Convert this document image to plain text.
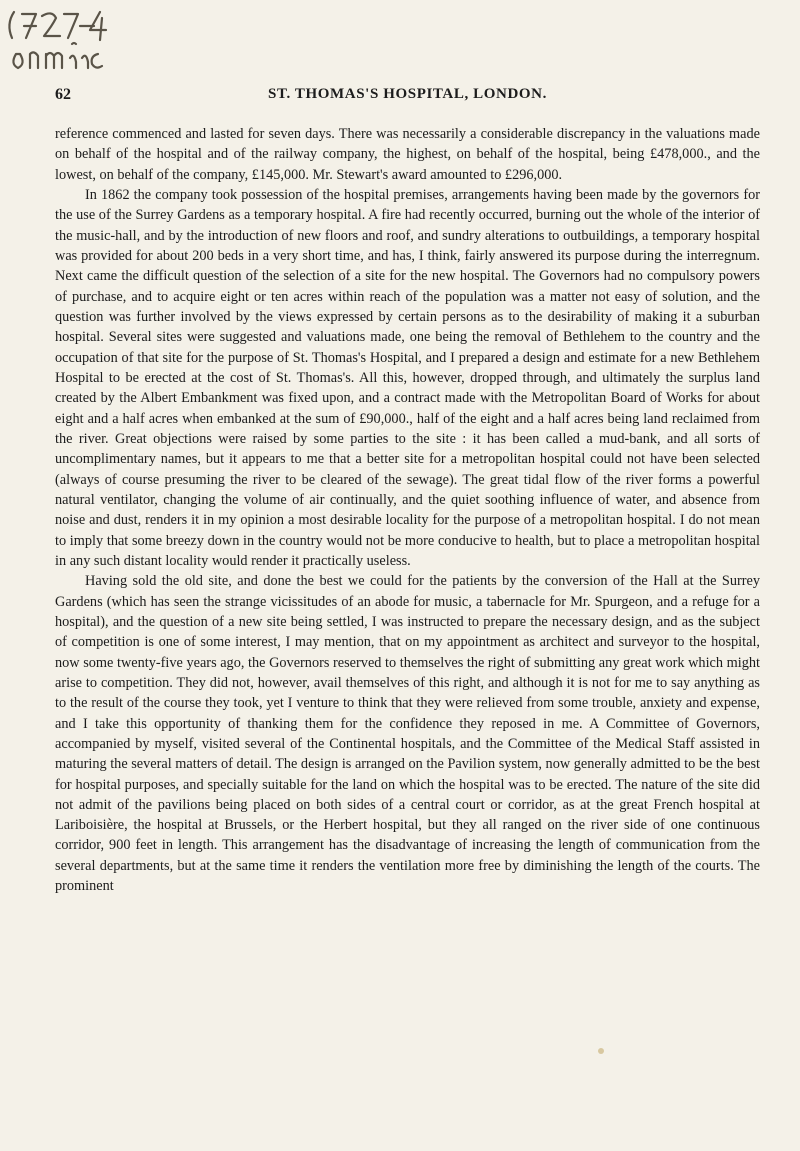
62	ST. THOMAS'S HOSPITAL, LONDON.

reference commenced and lasted for seven days. There was necessarily a considerable discrepancy in the valuations made on behalf of the hospital and of the railway company, the highest, on behalf of the hospital, being £478,000., and the lowest, on behalf of the company, £145,000. Mr. Stewart's award amounted to £296,000.

In 1862 the company took possession of the hospital premises, arrangements having been made by the governors for the use of the Surrey Gardens as a temporary hospital. A fire had recently occurred, burning out the whole of the interior of the music-hall, and by the introduction of new floors and roof, and sundry alterations to outbuildings, a temporary hospital was provided for about 200 beds in a very short time, and has, I think, fairly answered its purpose during the interregnum. Next came the difficult question of the selection of a site for the new hospital. The Governors had no compulsory powers of purchase, and to acquire eight or ten acres within reach of the population was a matter not easy of solution, and the question was further involved by the views expressed by certain persons as to the desirability of making it a suburban hospital. Several sites were suggested and valuations made, one being the removal of Bethlehem to the country and the occupation of that site for the purpose of St. Thomas's Hospital, and I prepared a design and estimate for a new Bethlehem Hospital to be erected at the cost of St. Thomas's. All this, however, dropped through, and ultimately the surplus land created by the Albert Embankment was fixed upon, and a contract made with the Metropolitan Board of Works for about eight and a half acres when embanked at the sum of £90,000., half of the eight and a half acres being land reclaimed from the river. Great objections were raised by some parties to the site : it has been called a mud-bank, and all sorts of uncomplimentary names, but it appears to me that a better site for a metropolitan hospital could not have been selected (always of course presuming the river to be cleared of the sewage). The great tidal flow of the river forms a powerful natural ventilator, changing the volume of air continually, and the quiet soothing influence of water, and absence from noise and dust, renders it in my opinion a most desirable locality for the purpose of a metropolitan hospital. I do not mean to imply that some breezy down in the country would not be more conducive to health, but to place a metropolitan hospital in any such distant locality would render it practically useless.

Having sold the old site, and done the best we could for the patients by the conversion of the Hall at the Surrey Gardens (which has seen the strange vicissitudes of an abode for music, a tabernacle for Mr. Spurgeon, and a refuge for a hospital), and the question of a new site being settled, I was instructed to prepare the necessary design, and as the subject of competition is one of some interest, I may mention, that on my appointment as architect and surveyor to the hospital, now some twenty-five years ago, the Governors reserved to themselves the right of submitting any great work which might arise to competition. They did not, however, avail themselves of this right, and although it is not for me to say anything as to the result of the course they took, yet I venture to think that they were relieved from some trouble, anxiety and expense, and I take this opportunity of thanking them for the confidence they reposed in me. A Committee of Governors, accompanied by myself, visited several of the Continental hospitals, and the Committee of the Medical Staff assisted in maturing the several matters of detail. The design is arranged on the Pavilion system, now generally admitted to be the best for hospital purposes, and specially suitable for the land on which the hospital was to be erected. The nature of the site did not admit of the pavilions being placed on both sides of a central court or corridor, as at the great French hospital at Lariboisière, the hospital at Brussels, or the Herbert hospital, but they all ranged on the river side of one continuous corridor, 900 feet in length. This arrangement has the disadvantage of increasing the length of communication from the several departments, but at the same time it renders the ventilation more free by diminishing the length of the courts. The prominent
